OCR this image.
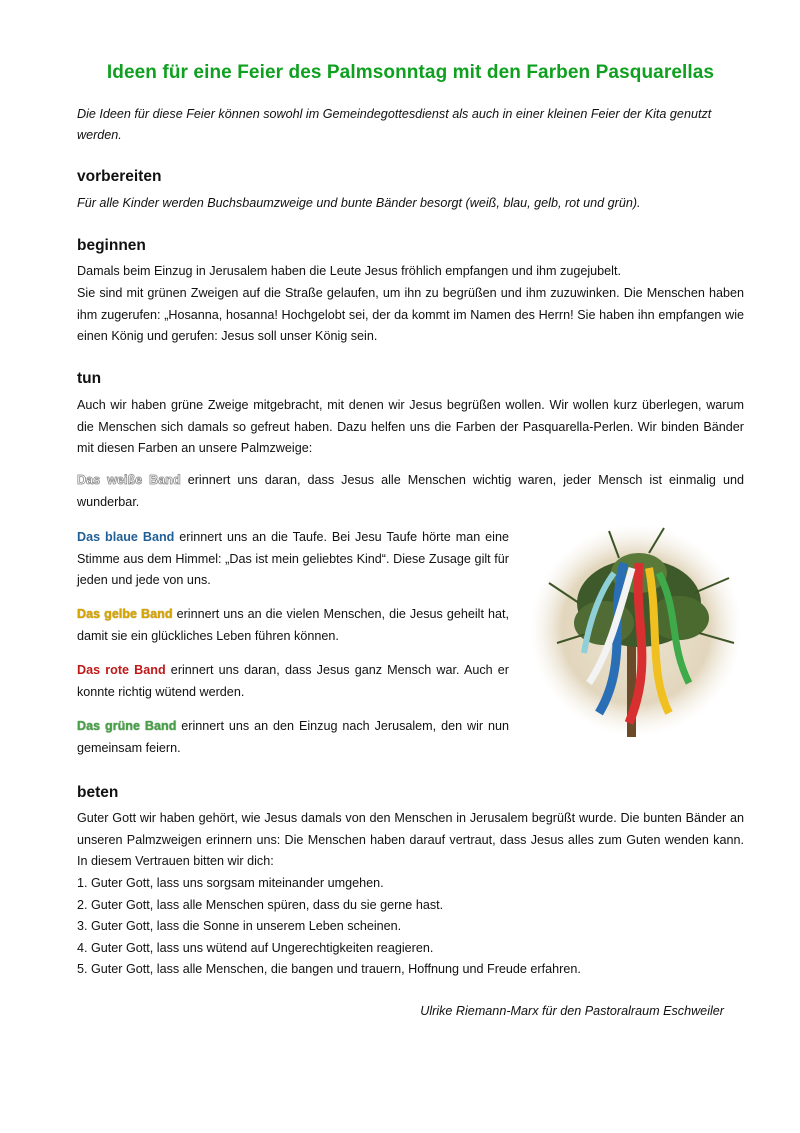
Ideen für eine Feier des Palmsonntag mit den Farben Pasquarellas
Die Ideen für diese Feier können sowohl im Gemeindegottesdienst als auch in einer kleinen Feier der Kita genutzt werden.
vorbereiten
Für alle Kinder werden Buchsbaumzweige und bunte Bänder besorgt (weiß, blau, gelb, rot und grün).
beginnen
Damals beim Einzug in Jerusalem haben die Leute Jesus fröhlich empfangen und ihm zugejubelt.
Sie sind mit grünen Zweigen auf die Straße gelaufen, um ihn zu begrüßen und ihm zuzuwinken. Die Menschen haben ihm zugerufen: „Hosanna, hosanna! Hochgelobt sei, der da kommt im Namen des Herrn! Sie haben ihn empfangen wie einen König und gerufen: Jesus soll unser König sein.
tun
Auch wir haben grüne Zweige mitgebracht, mit denen wir Jesus begrüßen wollen. Wir wollen kurz überlegen, warum die Menschen sich damals so gefreut haben. Dazu helfen uns die Farben der Pasquarella-Perlen. Wir binden Bänder mit diesen Farben an unsere Palmzweige:
Das weiße Band erinnert uns daran, dass Jesus alle Menschen wichtig waren, jeder Mensch ist einmalig und wunderbar.
Das blaue Band erinnert uns an die Taufe. Bei Jesu Taufe hörte man eine Stimme aus dem Himmel: „Das ist mein geliebtes Kind“. Diese Zusage gilt für jeden und jede von uns.
Das gelbe Band erinnert uns an die vielen Menschen, die Jesus geheilt hat, damit sie ein glückliches Leben führen können.
Das rote Band erinnert uns daran, dass Jesus ganz Mensch war. Auch er konnte richtig wütend werden.
Das grüne Band erinnert uns an den Einzug nach Jerusalem, den wir nun gemeinsam feiern.
beten
Guter Gott wir haben gehört, wie Jesus damals von den Menschen in Jerusalem begrüßt wurde. Die bunten Bänder an unseren Palmzweigen erinnern uns: Die Menschen haben darauf vertraut, dass Jesus alles zum Guten wenden kann. In diesem Vertrauen bitten wir dich:
1. Guter Gott, lass uns sorgsam miteinander umgehen.
2. Guter Gott, lass alle Menschen spüren, dass du sie gerne hast.
3. Guter Gott, lass die Sonne in unserem Leben scheinen.
4. Guter Gott, lass uns wütend auf Ungerechtigkeiten reagieren.
5. Guter Gott, lass alle Menschen, die bangen und trauern, Hoffnung und Freude erfahren.
Ulrike Riemann-Marx für den Pastoralraum Eschweiler
